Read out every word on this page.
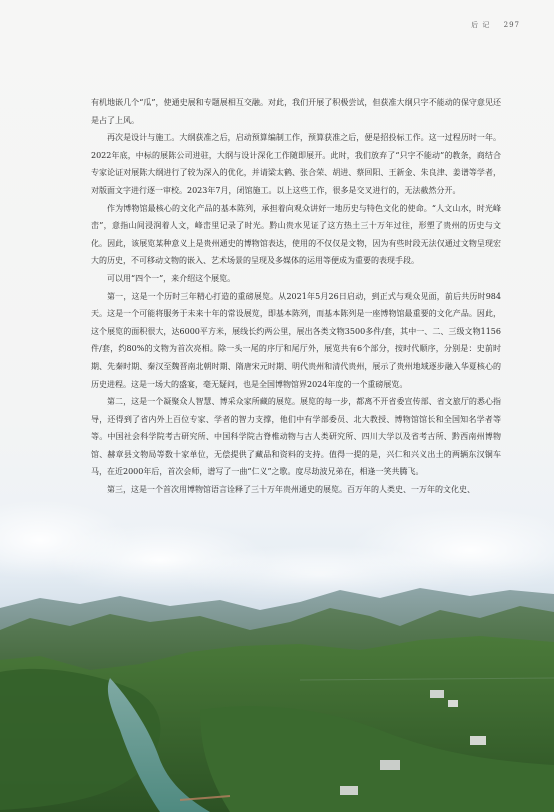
后 记 297

有机地嵌几个“瓜”，使通史展和专题展相互交融。对此，我们开展了积极尝试，但获准大纲只字不能动的保守意见还是占了上风。

再次是设计与施工。大纲获准之后，启动预算编制工作，预算获准之后，便是招投标工作。这一过程历时一年。2022年底，中标的展陈公司进驻，大纲与设计深化工作随即展开。此时，我们放弃了“只字不能动”的教条，商结合专家论证对展陈大纲进行了较为深入的优化，并请梁太鹤、张合荣、胡进、蔡回阳、王新金、朱良津、姜谱等学者，对版面文字进行逐一审校。2023年7月，闭馆施工。以上这些工作，很多是交叉进行的，无法截然分开。

作为博物馆最核心的文化产品的基本陈列，承担着向观众讲好一地历史与特色文化的使命。“人文山水，时光峰峦”，意指山间浸润着人文，峰峦里记录了时光。黔山贵水见证了这方热土三十万年过往，形塑了贵州的历史与文化。因此，该展览某种意义上是贵州通史的博物馆表达，使用的不仅仅是文物，因为有些时段无法仅通过文物呈现宏大的历史，不可移动文物的嵌入、艺术场景的呈现及多媒体的运用等便成为重要的表现手段。

可以用“四个一”，来介绍这个展览。

第一，这是一个历时三年精心打造的重磅展览。从2021年5月26日启动，到正式与观众见面，前后共历时984天。这是一个可能将服务于未来十年的常设展览，即基本陈列，而基本陈列是一座博物馆最重要的文化产品。因此，这个展览的面积很大，达6000平方米，展线长约两公里，展出各类文物3500多件/套，其中一、二、三级文物1156件/套，约80%的文物为首次亮相。除一头一尾的序厅和尾厅外，展览共有6个部分，按时代顺序，分别是：史前时期、先秦时期、秦汉至魏晋南北朝时期、隋唐宋元时期、明代贵州和清代贵州，展示了贵州地域逐步融入华夏核心的历史进程。这是一场大的盛宴，毫无疑问，也是全国博物馆界2024年度的一个重磅展览。

第二，这是一个凝聚众人智慧、博采众家所藏的展览。展览的每一步，都离不开省委宣传部、省文旅厅的悉心指导，还得到了省内外上百位专家、学者的智力支撑，他们中有学部委员、北大教授、博物馆馆长和全国知名学者等等。中国社会科学院考古研究所、中国科学院古脊椎动物与古人类研究所、四川大学以及省考古所、黔西南州博物馆、赫章县文物局等数十家单位，无偿提供了藏品和资料的支持。值得一提的是，兴仁和兴义出土的两辆东汉铜车马，在近2000年后，首次会师，谱写了一曲“仁义”之歌。度尽劫波兄弟在，相逢一笑共腾飞。

第三，这是一个首次用博物馆语言诠释了三十万年贵州通史的展览。百万年的人类史、一万年的文化史、
